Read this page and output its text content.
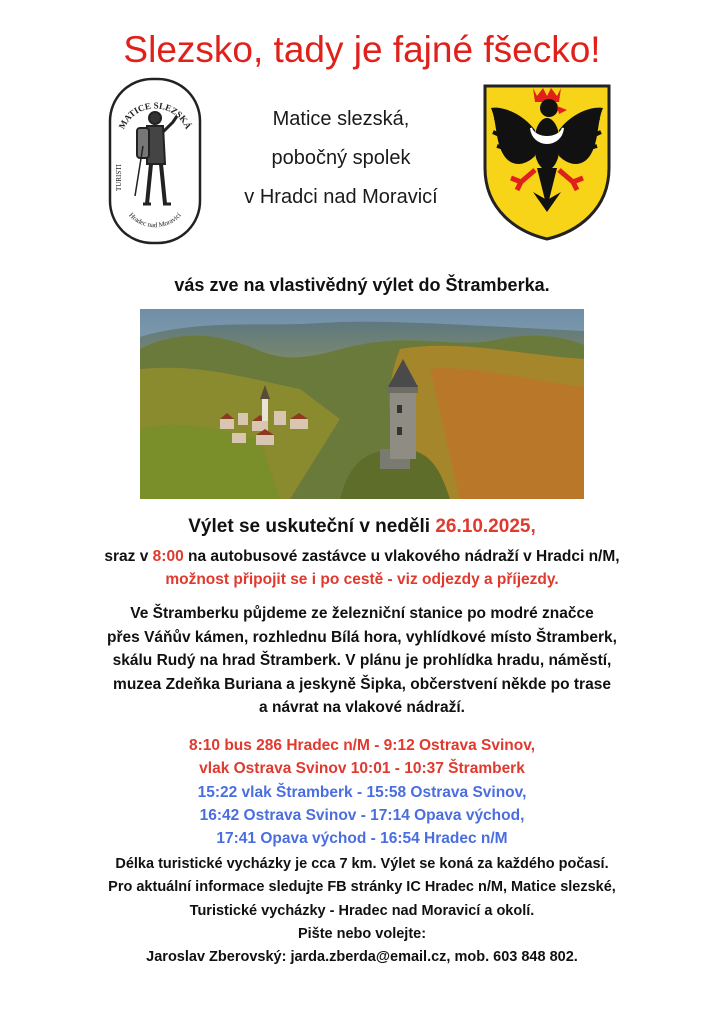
Slezsko, tady je fajné fšecko!
MATICE SLEZSKÁ
Hradec nad Moravicí
TURISTI
Matice slezská,
pobočný spolek
v Hradci nad Moravicí
vás zve na vlastivědný výlet do Štramberka.
Výlet se uskuteční v neděli 26.10.2025,
sraz v 8:00 na autobusové zastávce u vlakového nádraží v Hradci n/M,
možnost připojit se i po cestě - viz odjezdy a příjezdy.
Ve Štramberku půjdeme ze železniční stanice po modré značce
přes Váňův kámen, rozhlednu Bílá hora, vyhlídkové místo Štramberk,
skálu Rudý na hrad Štramberk. V plánu je prohlídka hradu, náměstí,
muzea Zdeňka Buriana a jeskyně Šipka, občerstvení někde po trase
a návrat na vlakové nádraží.
8:10 bus 286 Hradec n/M - 9:12 Ostrava Svinov,
vlak Ostrava Svinov 10:01 - 10:37 Štramberk
15:22 vlak Štramberk - 15:58 Ostrava Svinov,
16:42 Ostrava Svinov - 17:14 Opava východ,
17:41 Opava východ - 16:54 Hradec n/M
Délka turistické vycházky je cca 7 km. Výlet se koná za každého počasí.
Pro aktuální informace sledujte FB stránky IC Hradec n/M, Matice slezské,
Turistické vycházky - Hradec nad Moravicí a okolí.
Pište nebo volejte:
Jaroslav Zberovský: jarda.zberda@email.cz, mob. 603 848 802.
